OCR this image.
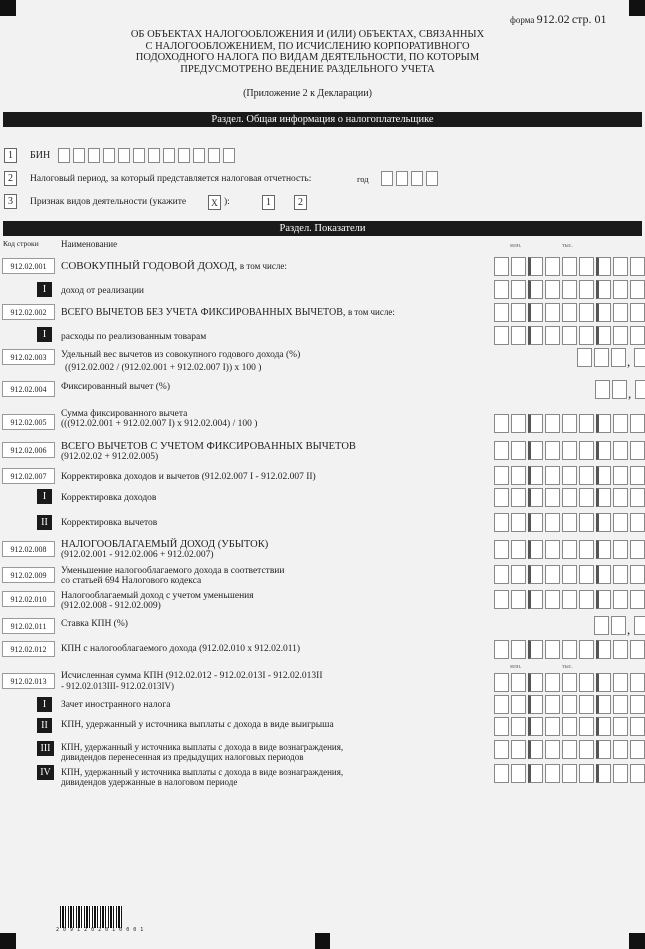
форма 912.02 стр. 01
ОБ ОБЪЕКТАХ НАЛОГООБЛОЖЕНИЯ И (ИЛИ) ОБЪЕКТАХ, СВЯЗАННЫХ
С НАЛОГООБЛОЖЕНИЕМ, ПО ИСЧИСЛЕНИЮ КОРПОРАТИВНОГО
ПОДОХОДНОГО НАЛОГА ПО ВИДАМ ДЕЯТЕЛЬНОСТИ, ПО КОТОРЫМ
ПРЕДУСМОТРЕНО ВЕДЕНИЕ РАЗДЕЛЬНОГО УЧЕТА
(Приложение 2 к Декларации)
Раздел. Общая информация о налогоплательщике
1	БИН
2	Налоговый период, за который представляется налоговая отчетность:	год
3	Признак видов деятельности (укажите	X ):	1	2
Раздел. Показатели
Код строки Наименование	млн.	тыс.
912.02.001	СОВОКУПНЫЙ ГОДОВОЙ ДОХОД, в том числе:
I	доход от реализации
912.02.002	ВСЕГО ВЫЧЕТОВ БЕЗ УЧЕТА ФИКСИРОВАННЫХ ВЫЧЕТОВ, в том числе:
I	расходы по реализованным товарам
912.02.003	Удельный вес вычетов из совокупного годового дохода (%)
((912.02.002 / (912.02.001 + 912.02.007 I)) x 100 )
912.02.004	Фиксированный вычет (%)
912.02.005
Сумма фиксированного вычета
(((912.02.001 + 912.02.007 I) x 912.02.004) / 100 )
912.02.006	ВСЕГО ВЫЧЕТОВ С УЧЕТОМ ФИКСИРОВАННЫХ ВЫЧЕТОВ
(912.02.02 + 912.02.005)
912.02.007	Корректировка доходов и вычетов (912.02.007 I - 912.02.007 II)
I	Корректировка доходов
II	Корректировка вычетов
912.02.008	НАЛОГООБЛАГАЕМЫЙ ДОХОД (УБЫТОК)
(912.02.001 - 912.02.006 + 912.02.007)
912.02.009	Уменьшение налогооблагаемого дохода в соответствии
со статьей 694 Налогового кодекса
912.02.010	Налогооблагаемый доход с учетом уменьшения
(912.02.008 - 912.02.009)
912.02.011	Ставка КПН (%)
912.02.012	КПН с налогооблагаемого дохода (912.02.010 x 912.02.011)
млн.	тыс.
912.02.013
Исчисленная сумма КПН (912.02.012 - 912.02.013I - 912.02.013II
- 912.02.013III- 912.02.013IV)
I	Зачет иностранного налога
II	КПН, удержанный у источника выплаты с дохода в виде выигрыша
III	КПН, удержанный у источника выплаты с дохода в виде вознаграждения,
дивидендов перенесенная из предыдущих налоговых периодов
IV	КПН, удержанный у источника выплаты с дохода в виде вознаграждения,
дивидендов удержанные в налоговом периоде
,
,
,
2 0 9 1 2 0 2 0 1 0 0 0 1
